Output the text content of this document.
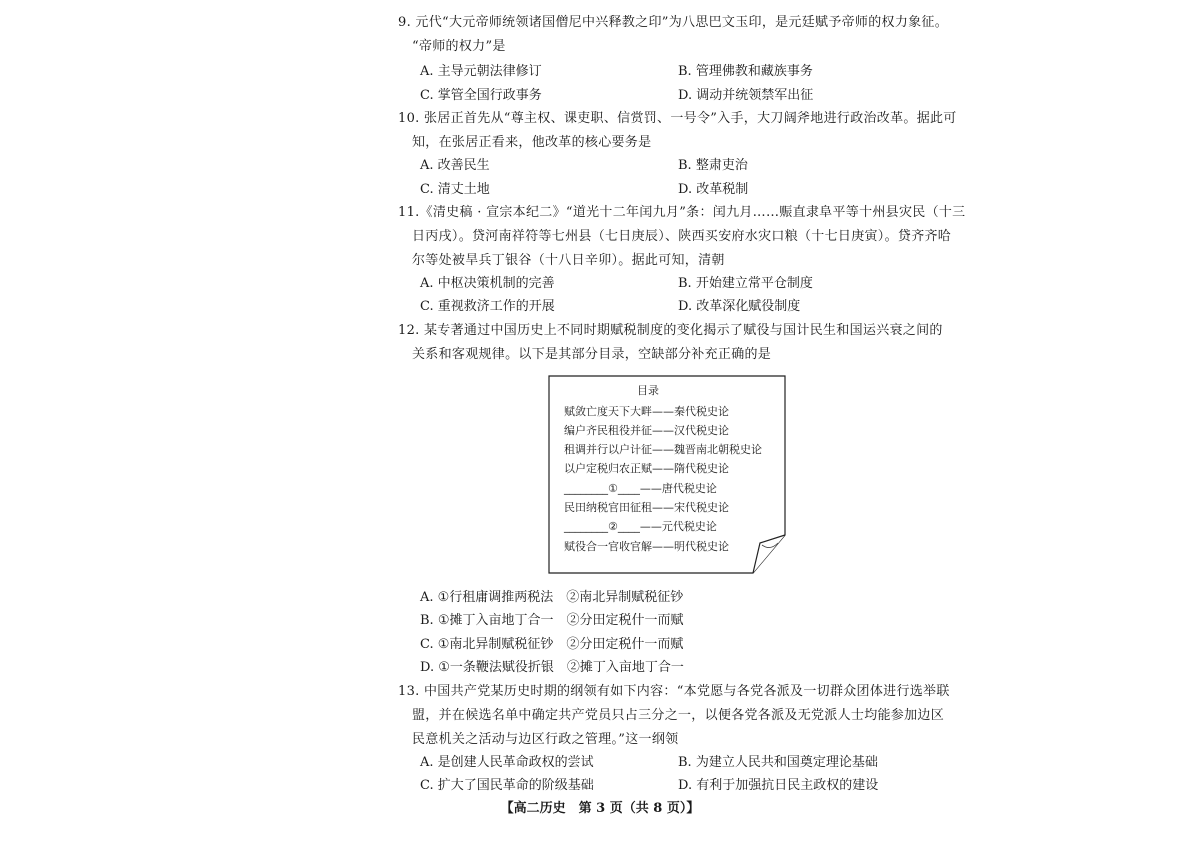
9. 元代“大元帝师统领诸国僧尼中兴释教之印”为八思巴文玉印，是元廷赋予帝师的权力象征。
“帝师的权力”是
A. 主导元朝法律修订	B. 管理佛教和藏族事务
C. 掌管全国行政事务	D. 调动并统领禁军出征
10. 张居正首先从“尊主权、课吏职、信赏罚、一号令”入手，大刀阔斧地进行政治改革。据此可
知，在张居正看来，他改革的核心要务是
A. 改善民生	B. 整肃吏治
C. 清丈土地	D. 改革税制
11.《清史稿 · 宣宗本纪二》“道光十二年闰九月”条：闰九月……赈直隶阜平等十州县灾民（十三
日丙戌）。贷河南祥符等七州县（七日庚辰）、陕西买安府水灾口粮（十七日庚寅）。贷齐齐哈
尔等处被旱兵丁银谷（十八日辛卯）。据此可知，清朝
A. 中枢决策机制的完善	B. 开始建立常平仓制度
C. 重视救济工作的开展	D. 改革深化赋役制度
12. 某专著通过中国历史上不同时期赋税制度的变化揭示了赋役与国计民生和国运兴衰之间的
关系和客观规律。以下是其部分目录，空缺部分补充正确的是
目录
赋敛亡度天下大畔——秦代税史论
编户齐民租役并征——汉代税史论
租调并行以户计征——魏晋南北朝税史论
以户定税归农正赋——隋代税史论
________①____——唐代税史论
民田纳税官田征租——宋代税史论
________②____——元代税史论
赋役合一官收官解——明代税史论
A. ①行租庸调推两税法　②南北异制赋税征钞
B. ①摊丁入亩地丁合一　②分田定税什一而赋
C. ①南北异制赋税征钞　②分田定税什一而赋
D. ①一条鞭法赋役折银　②摊丁入亩地丁合一
13. 中国共产党某历史时期的纲领有如下内容：“本党愿与各党各派及一切群众团体进行选举联
盟，并在候选名单中确定共产党员只占三分之一，以便各党各派及无党派人士均能参加边区
民意机关之活动与边区行政之管理。”这一纲领
A. 是创建人民革命政权的尝试	B. 为建立人民共和国奠定理论基础
C. 扩大了国民革命的阶级基础	D. 有利于加强抗日民主政权的建设
【高二历史　第 3 页（共 8 页）】
